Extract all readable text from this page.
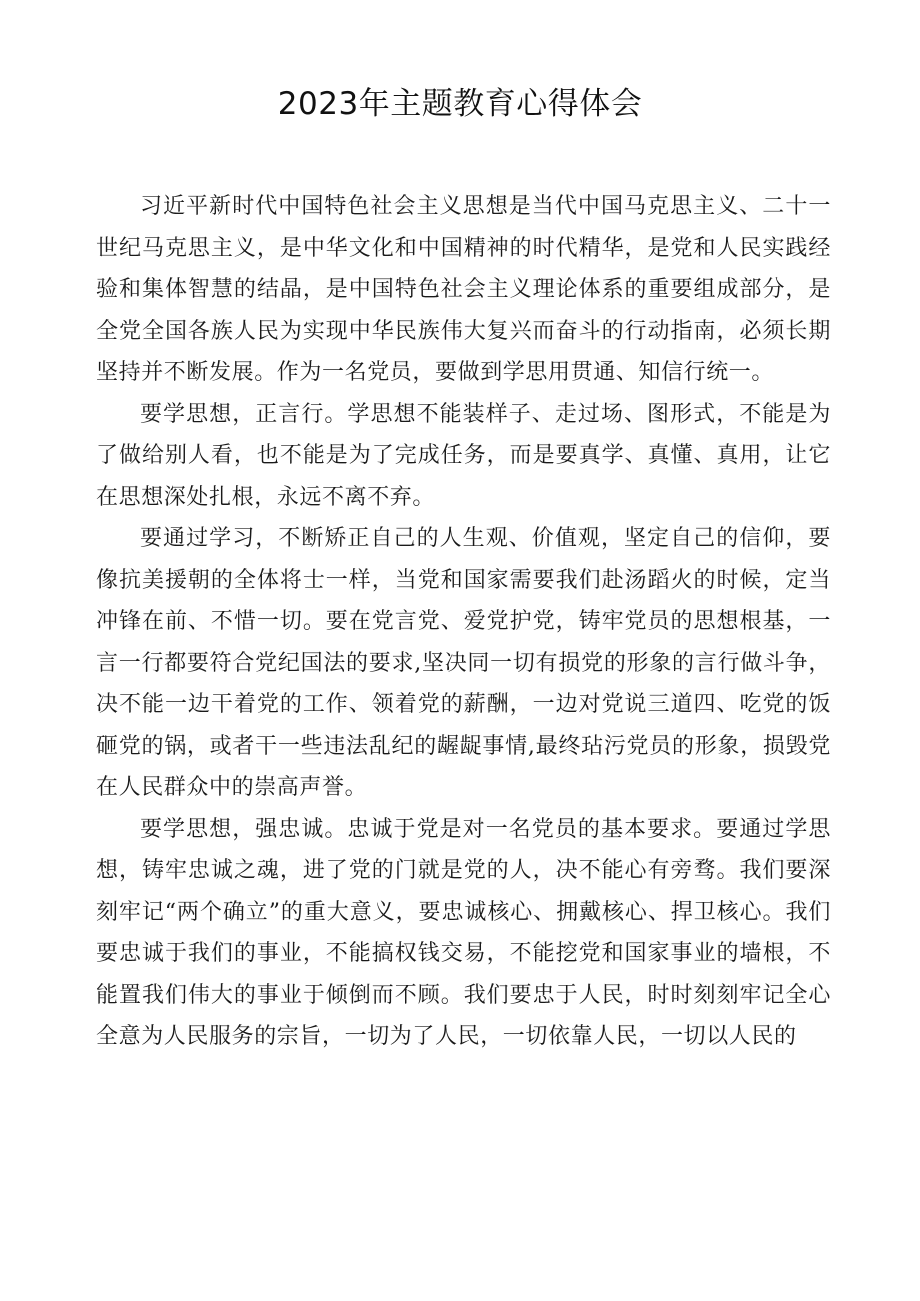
2023年主题教育心得体会

习近平新时代中国特色社会主义思想是当代中国马克思主义、二十一世纪马克思主义，是中华文化和中国精神的时代精华，是党和人民实践经验和集体智慧的结晶，是中国特色社会主义理论体系的重要组成部分，是全党全国各族人民为实现中华民族伟大复兴而奋斗的行动指南，必须长期坚持并不断发展。作为一名党员，要做到学思用贯通、知信行统一。

要学思想，正言行。学思想不能装样子、走过场、图形式，不能是为了做给别人看，也不能是为了完成任务，而是要真学、真懂、真用，让它在思想深处扎根，永远不离不弃。

要通过学习，不断矫正自己的人生观、价值观，坚定自己的信仰，要像抗美援朝的全体将士一样，当党和国家需要我们赴汤蹈火的时候，定当冲锋在前、不惜一切。要在党言党、爱党护党，铸牢党员的思想根基，一言一行都要符合党纪国法的要求,坚决同一切有损党的形象的言行做斗争，决不能一边干着党的工作、领着党的薪酬，一边对党说三道四、吃党的饭砸党的锅，或者干一些违法乱纪的龌龊事情,最终玷污党员的形象，损毁党在人民群众中的崇高声誉。

要学思想，强忠诚。忠诚于党是对一名党员的基本要求。要通过学思想，铸牢忠诚之魂，进了党的门就是党的人，决不能心有旁骛。我们要深刻牢记“两个确立”的重大意义，要忠诚核心、拥戴核心、捍卫核心。我们要忠诚于我们的事业，不能搞权钱交易，不能挖党和国家事业的墙根，不能置我们伟大的事业于倾倒而不顾。我们要忠于人民，时时刻刻牢记全心全意为人民服务的宗旨，一切为了人民，一切依靠人民，一切以人民的
